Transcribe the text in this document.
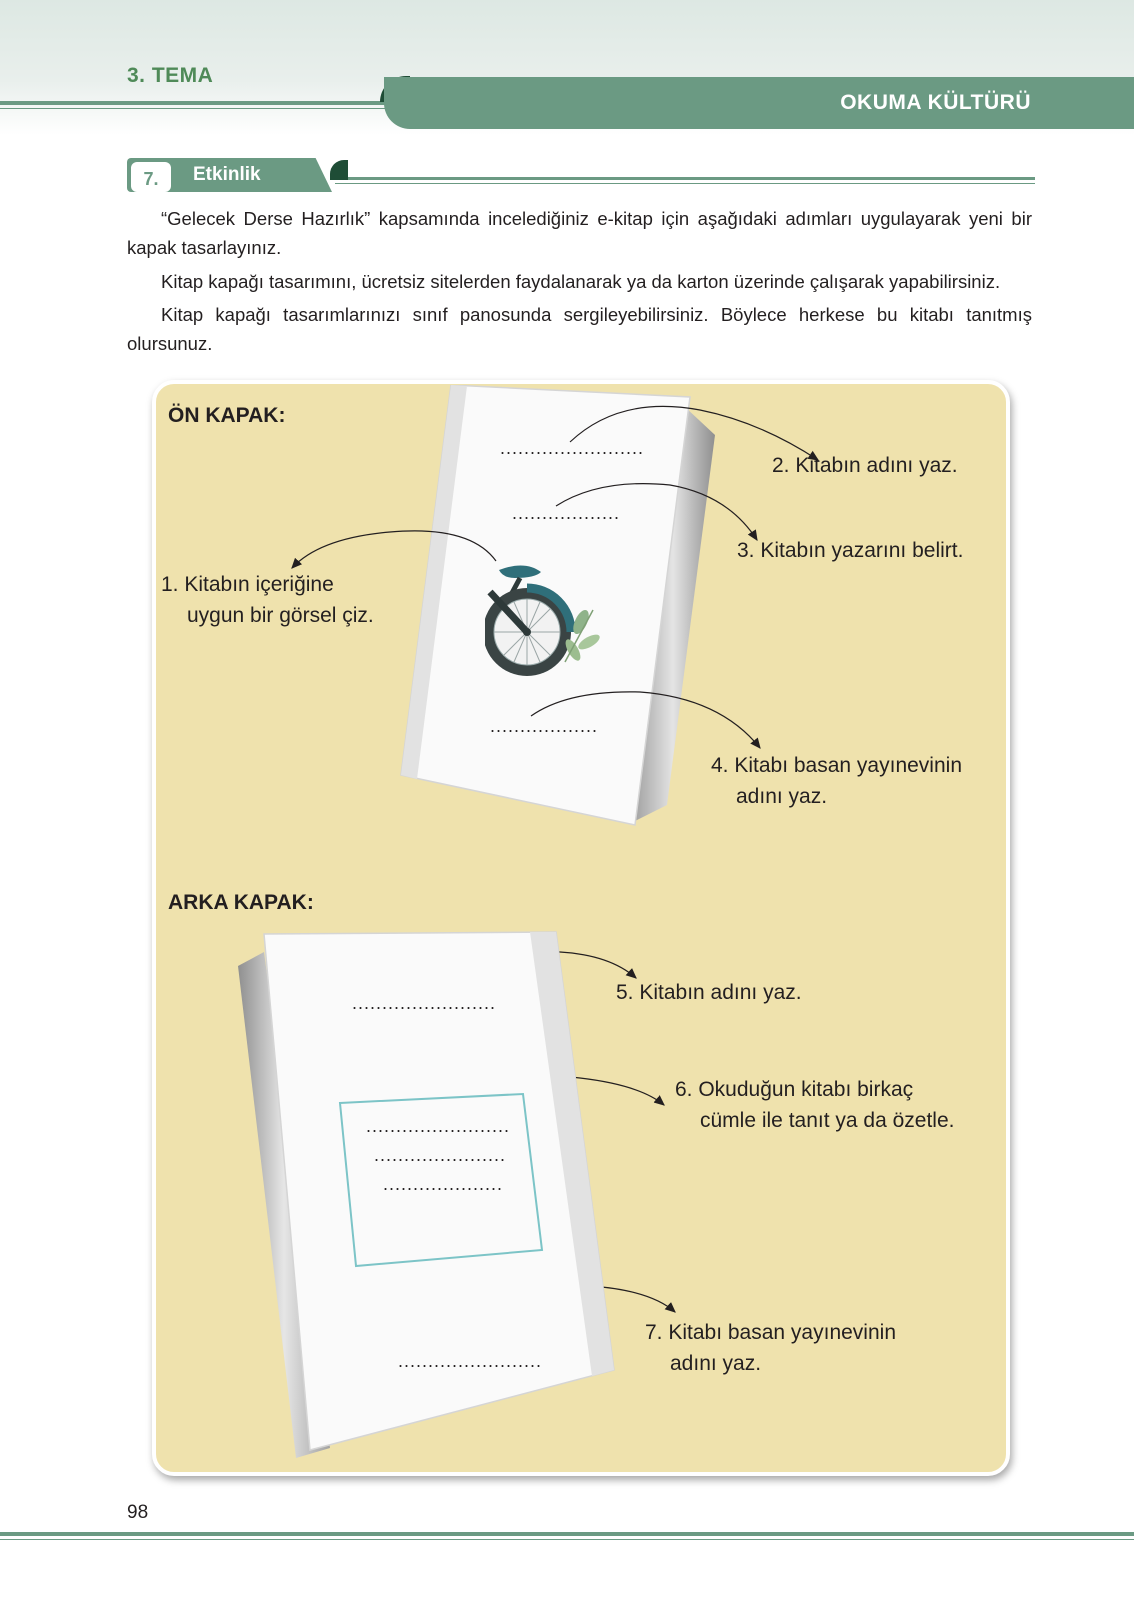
3. TEMA
OKUMA KÜLTÜRÜ
7.	Etkinlik
“Gelecek Derse Hazırlık” kapsamında incelediğiniz e-kitap için aşağıdaki adımları uygulayarak yeni bir kapak tasarlayınız.
Kitap kapağı tasarımını, ücretsiz sitelerden faydalanarak ya da karton üzerinde çalışarak yapabilirsiniz.
Kitap kapağı tasarımlarınızı sınıf panosunda sergileyebilirsiniz. Böylece herkese bu kitabı tanıtmış olursunuz.
ÖN KAPAK:
........................
..................
..................
2. Kitabın adını yaz.
3. Kitabın yazarını belirt.
1. Kitabın içeriğine
uygun bir görsel çiz.
4. Kitabı basan yayınevinin
adını yaz.
ARKA KAPAK:
........................
........................
......................
....................
........................
5. Kitabın adını yaz.
6. Okuduğun kitabı birkaç
cümle ile tanıt ya da özetle.
7. Kitabı basan yayınevinin
adını yaz.
98
